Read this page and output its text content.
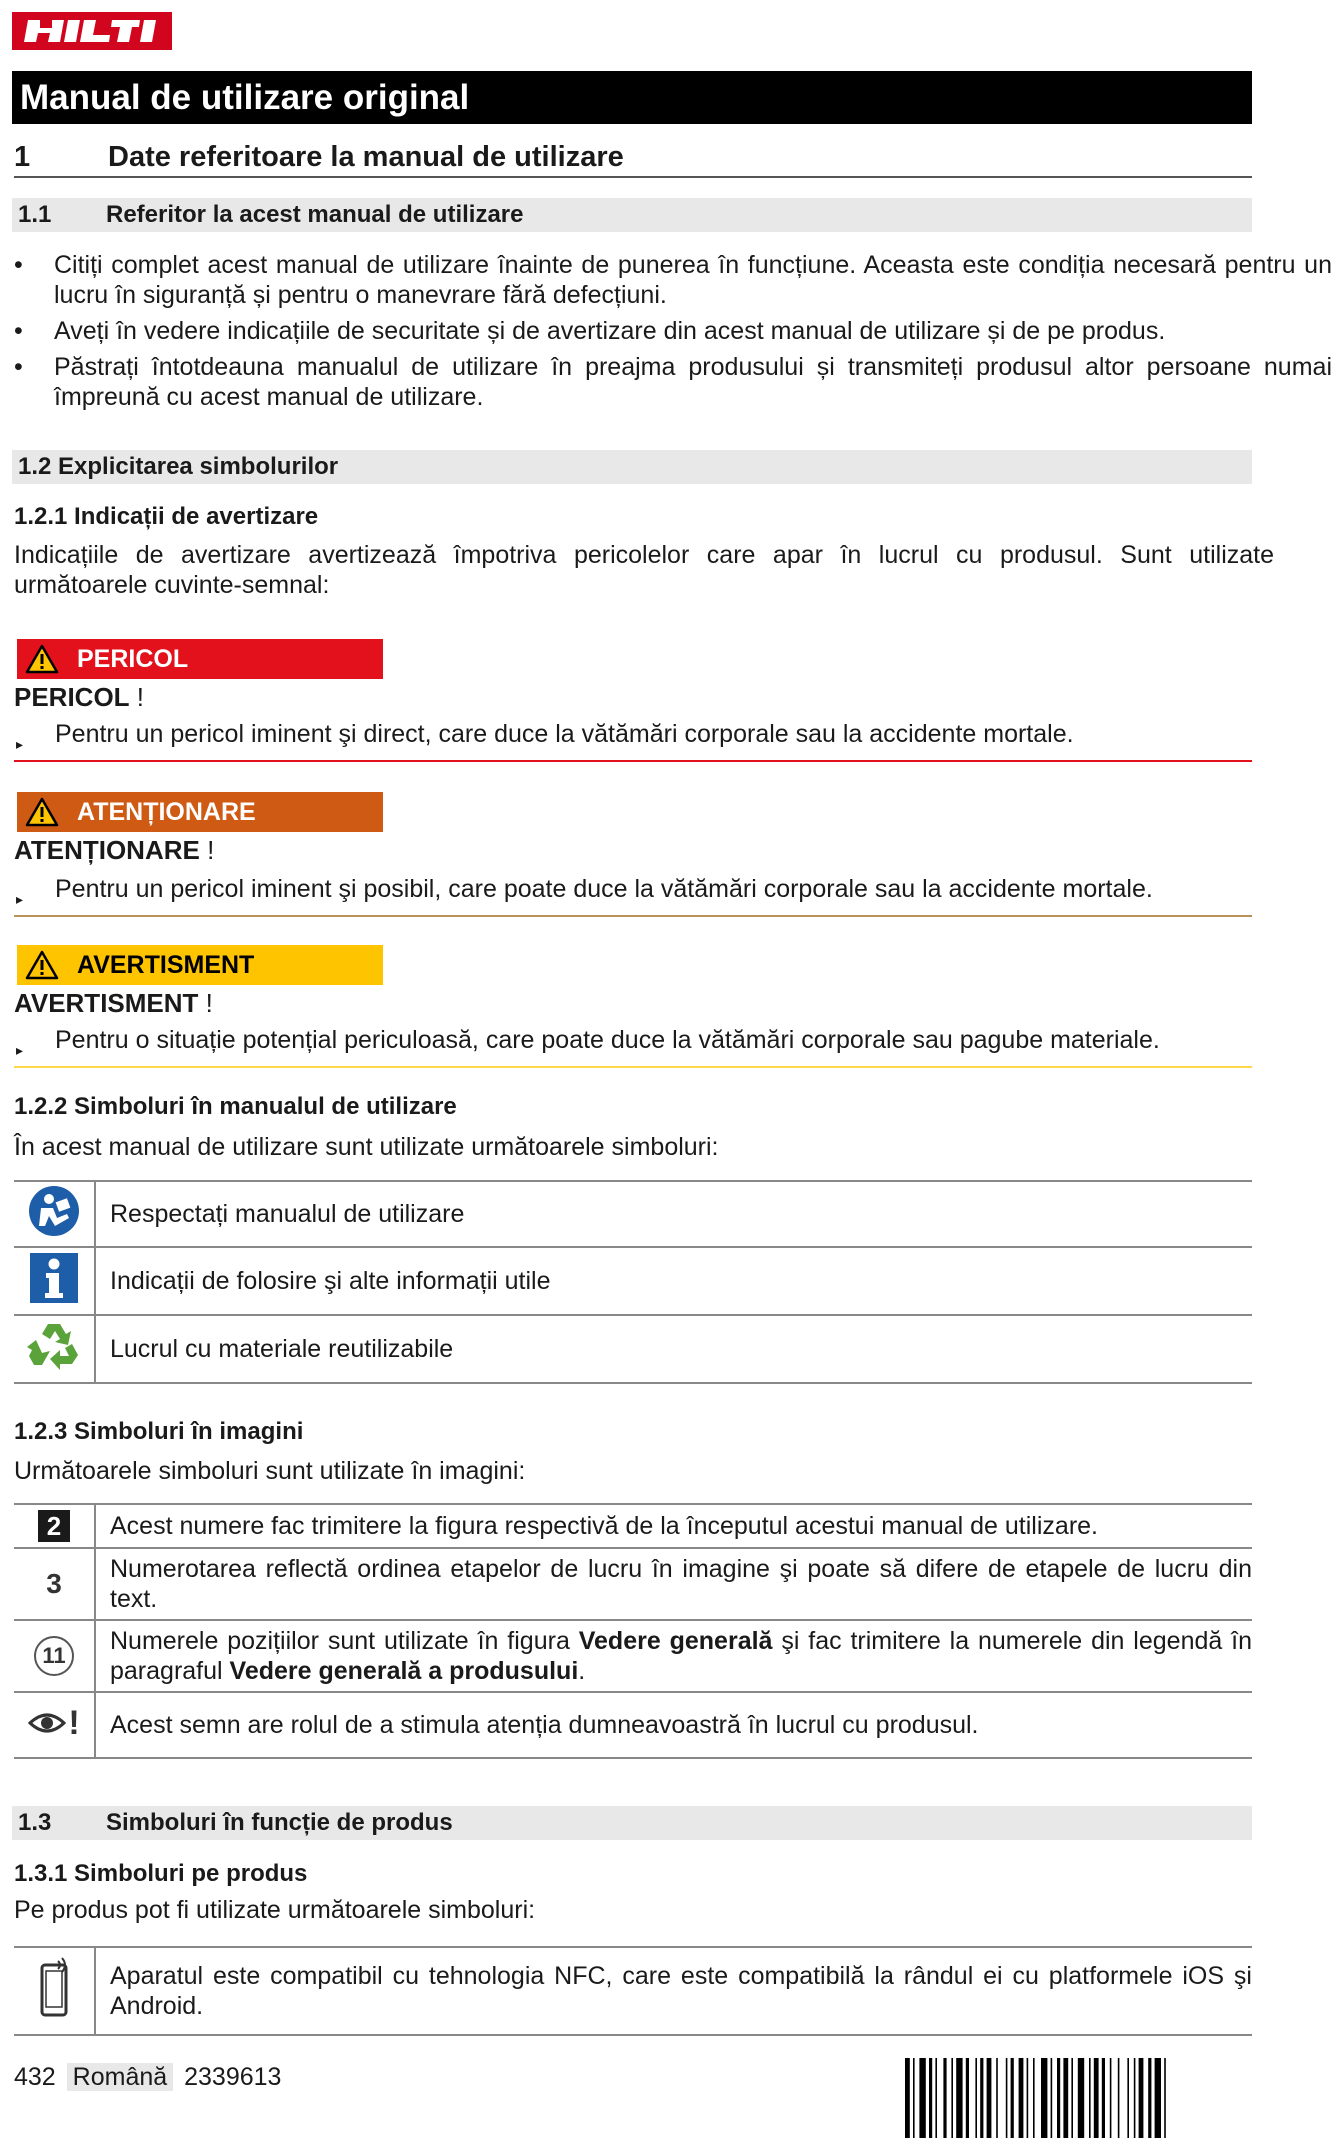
Manual de utilizare original
1	Date referitoare la manual de utilizare
1.1 Referitor la acest manual de utilizare
• Citiți complet acest manual de utilizare înainte de punerea în funcțiune. Aceasta este condiția necesară pentru un lucru în siguranță și pentru o manevrare fără defecțiuni.
• Aveți în vedere indicațiile de securitate și de avertizare din acest manual de utilizare și de pe produs.
• Păstrați întotdeauna manualul de utilizare în preajma produsului și transmiteți produsul altor persoane numai împreună cu acest manual de utilizare.
1.2 Explicitarea simbolurilor
1.2.1 Indicații de avertizare
Indicațiile de avertizare avertizează împotriva pericolelor care apar în lucrul cu produsul. Sunt utilizate următoarele cuvinte-semnal:
PERICOL
PERICOL !
▸ Pentru un pericol iminent şi direct, care duce la vătămări corporale sau la accidente mortale.
ATENȚIONARE
ATENȚIONARE !
▸ Pentru un pericol iminent şi posibil, care poate duce la vătămări corporale sau la accidente mortale.
AVERTISMENT
AVERTISMENT !
▸ Pentru o situație potențial periculoasă, care poate duce la vătămări corporale sau pagube materiale.
1.2.2 Simboluri în manualul de utilizare
În acest manual de utilizare sunt utilizate următoarele simboluri:
	Respectați manualul de utilizare
	Indicații de folosire şi alte informații utile
	Lucrul cu materiale reutilizabile
1.2.3 Simboluri în imagini
Următoarele simboluri sunt utilizate în imagini:
2	Acest numere fac trimitere la figura respectivă de la începutul acestui manual de utilizare.
3	Numerotarea reflectă ordinea etapelor de lucru în imagine şi poate să difere de etapele de lucru din text.
11	Numerele pozițiilor sunt utilizate în figura Vedere generală şi fac trimitere la numerele din legendă în paragraful Vedere generală a produsului.

!	Acest semn are rolul de a stimula atenția dumneavoastră în lucrul cu produsul.
1.3 Simboluri în funcție de produs
1.3.1 Simboluri pe produs
Pe produs pot fi utilizate următoarele simboluri:
	Aparatul este compatibil cu tehnologia NFC, care este compatibilă la rândul ei cu platformele iOS şi Android.
432 Română 2339613
